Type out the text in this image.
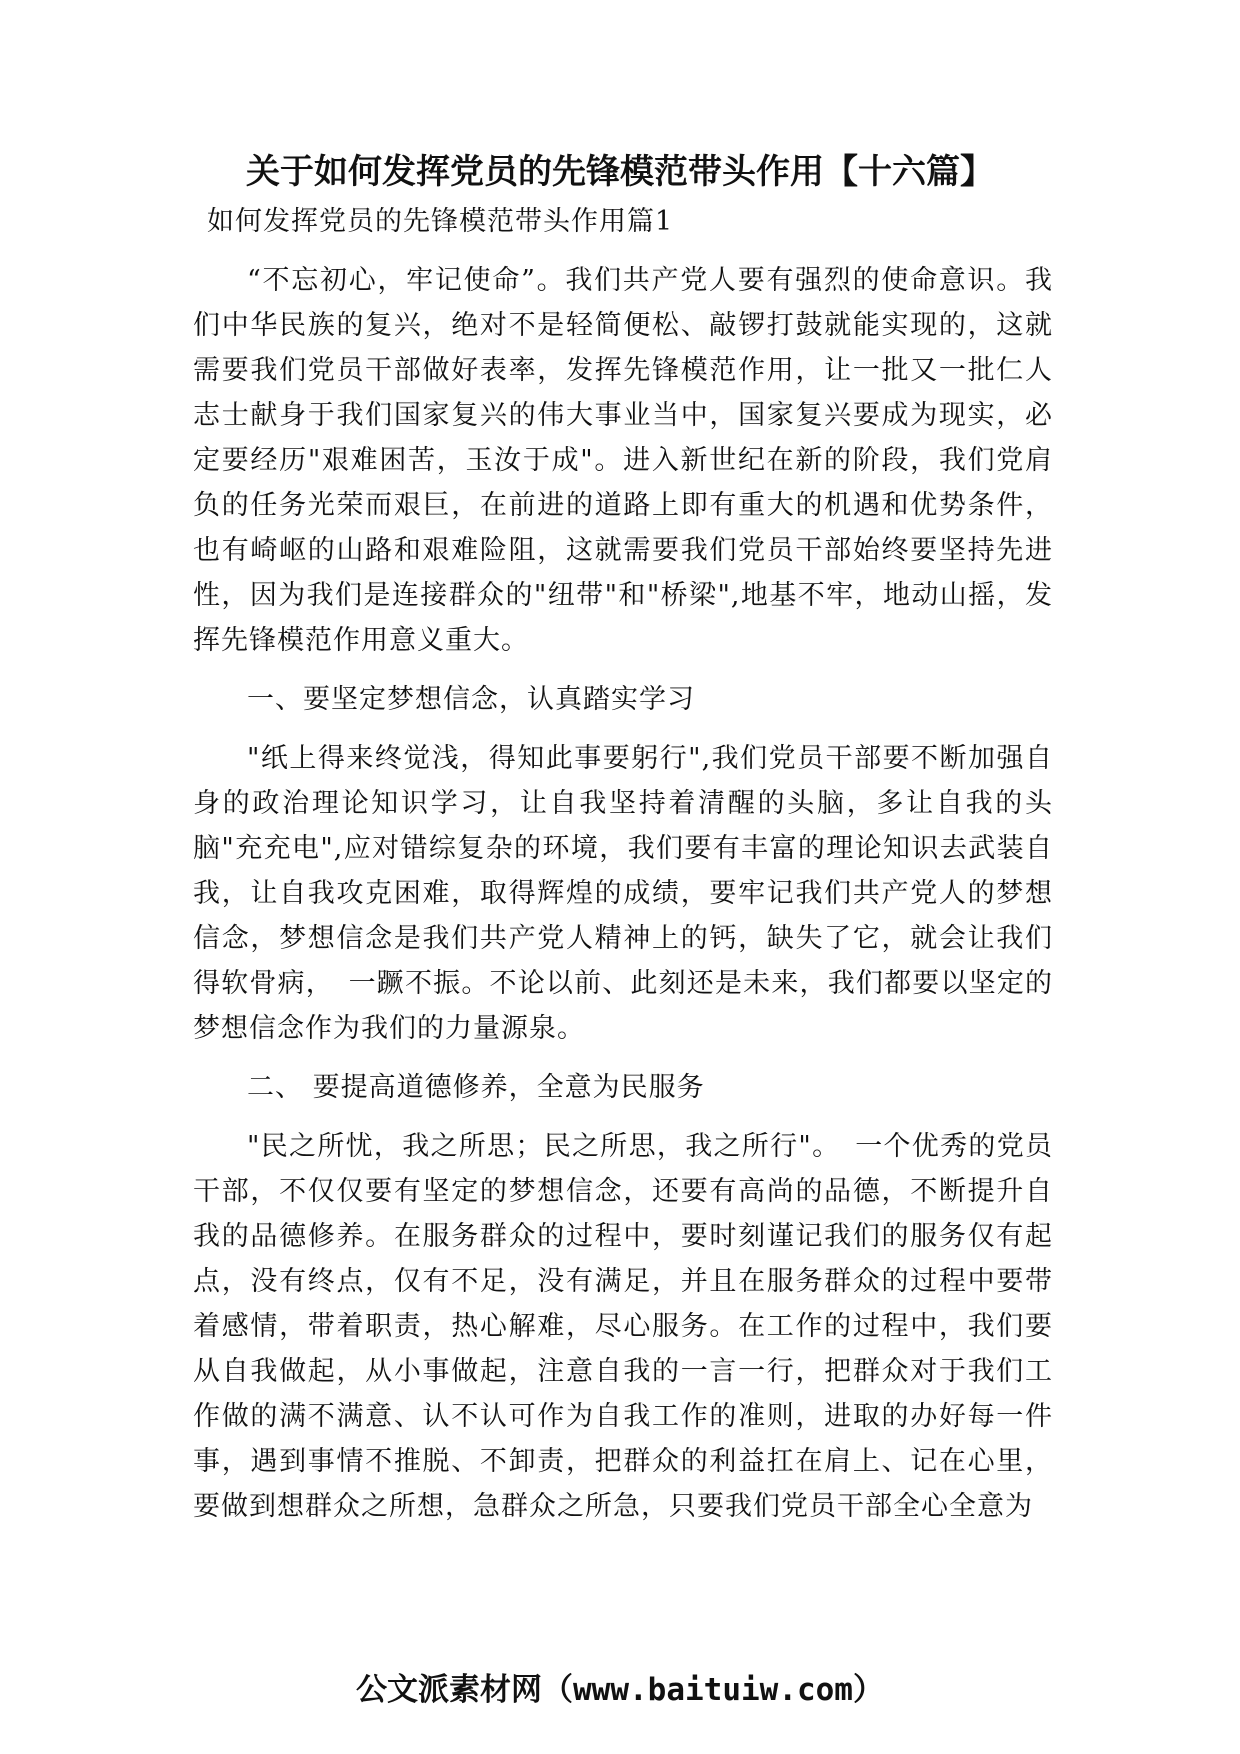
关于如何发挥党员的先锋模范带头作用【十六篇】

如何发挥党员的先锋模范带头作用篇1

“不忘初心，牢记使命”。我们共产党人要有强烈的使命意识。我们中华民族的复兴，绝对不是轻简便松、敲锣打鼓就能实现的，这就需要我们党员干部做好表率，发挥先锋模范作用，让一批又一批仁人志士献身于我们国家复兴的伟大事业当中，国家复兴要成为现实，必定要经历"艰难困苦，玉汝于成"。进入新世纪在新的阶段，我们党肩负的任务光荣而艰巨，在前进的道路上即有重大的机遇和优势条件，也有崎岖的山路和艰难险阻，这就需要我们党员干部始终要坚持先进性，因为我们是连接群众的"纽带"和"桥梁",地基不牢，地动山摇，发挥先锋模范作用意义重大。

一、要坚定梦想信念，认真踏实学习

"纸上得来终觉浅，得知此事要躬行",我们党员干部要不断加强自身的政治理论知识学习，让自我坚持着清醒的头脑，多让自我的头脑"充充电",应对错综复杂的环境，我们要有丰富的理论知识去武装自我，让自我攻克困难，取得辉煌的成绩，要牢记我们共产党人的梦想信念，梦想信念是我们共产党人精神上的钙，缺失了它，就会让我们得软骨病，　一蹶不振。不论以前、此刻还是未来，我们都要以坚定的梦想信念作为我们的力量源泉。

二、 要提高道德修养，全意为民服务

"民之所忧，我之所思；民之所思，我之所行"。　一个优秀的党员干部，不仅仅要有坚定的梦想信念，还要有高尚的品德，不断提升自我的品德修养。在服务群众的过程中，要时刻谨记我们的服务仅有起点，没有终点，仅有不足，没有满足，并且在服务群众的过程中要带着感情，带着职责，热心解难，尽心服务。在工作的过程中，我们要从自我做起，从小事做起，注意自我的一言一行，把群众对于我们工作做的满不满意、认不认可作为自我工作的准则，进取的办好每一件事，遇到事情不推脱、不卸责，把群众的利益扛在肩上、记在心里，要做到想群众之所想，急群众之所急，只要我们党员干部全心全意为

公文派素材网（www.baituiw.com）
